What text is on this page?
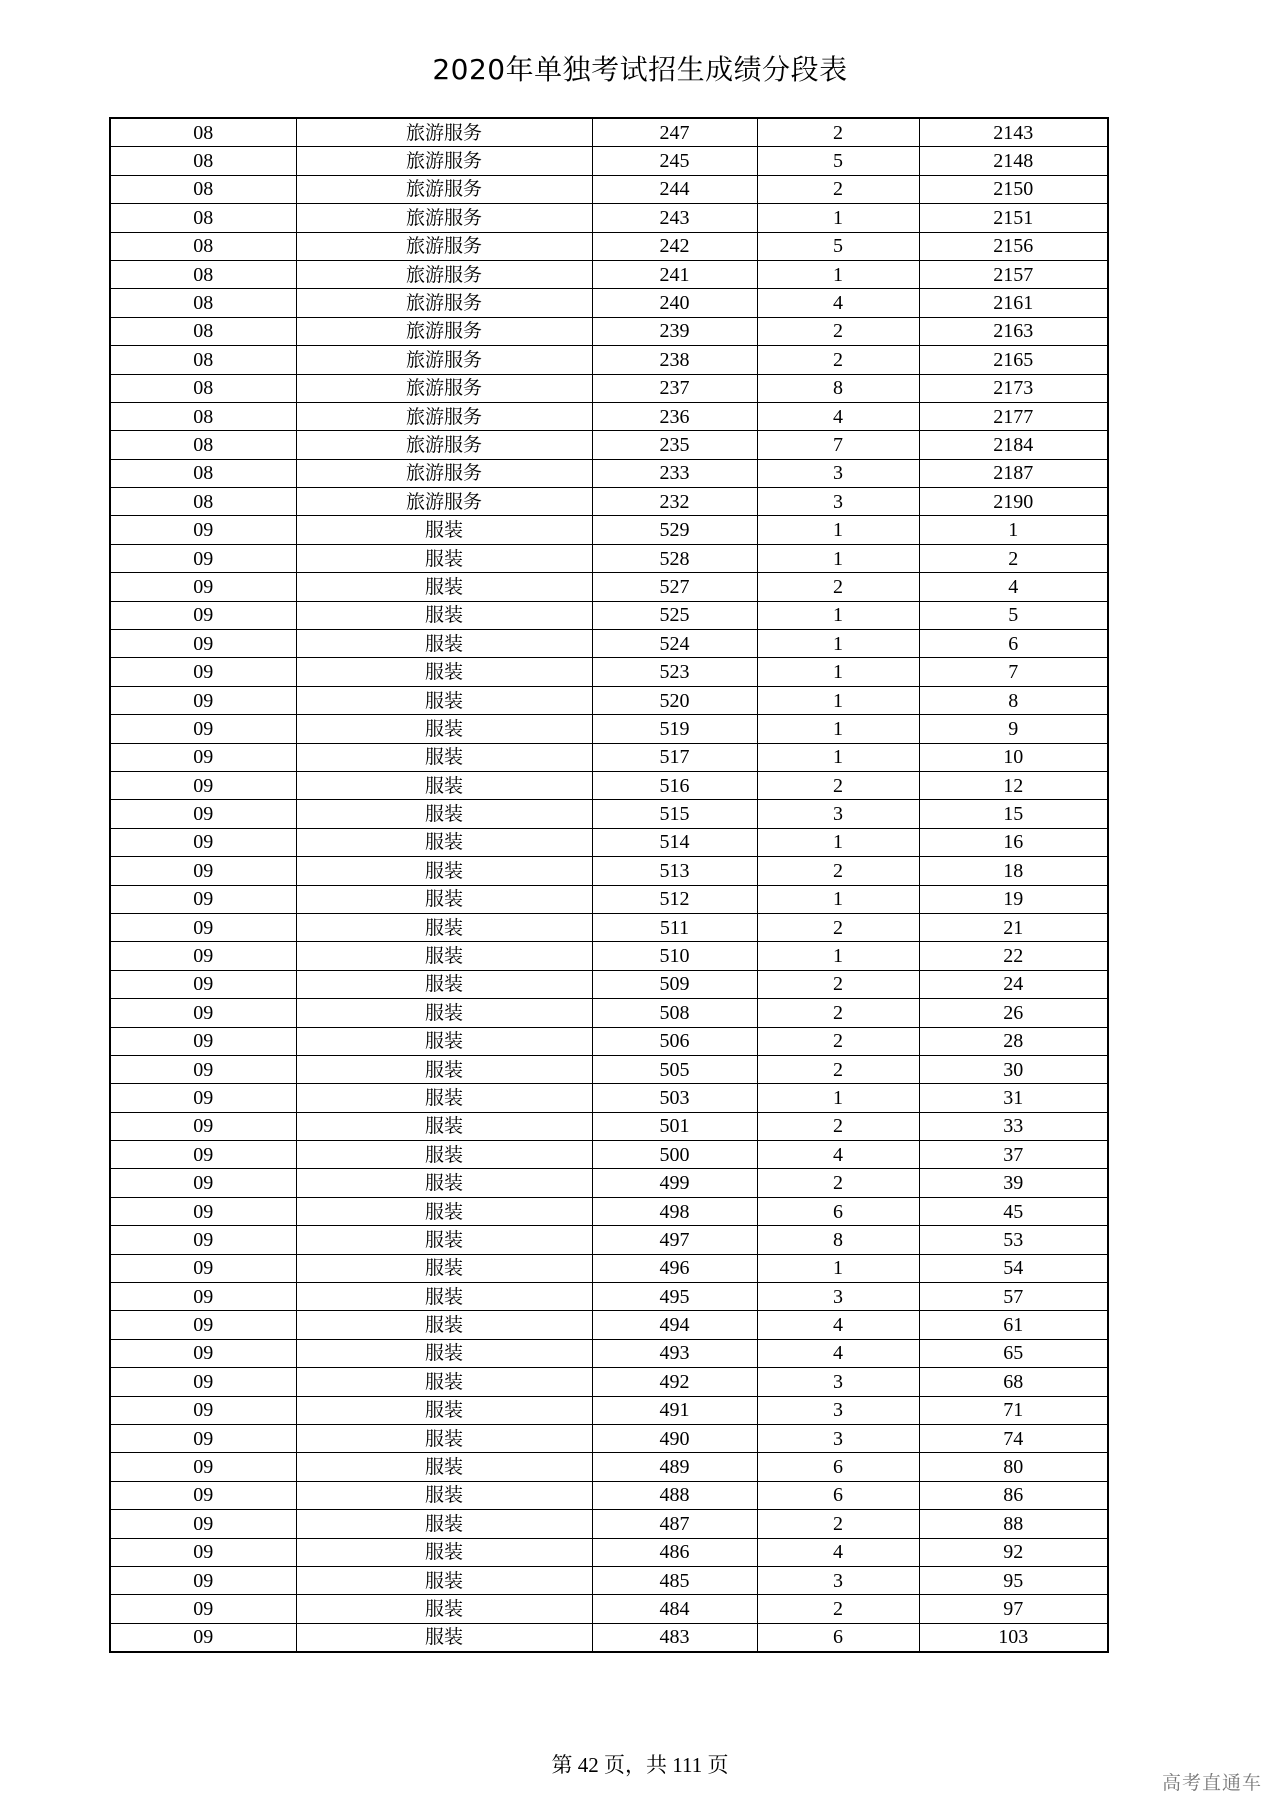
2020年单独考试招生成绩分段表
08	旅游服务	247	2	2143
08	旅游服务	245	5	2148
08	旅游服务	244	2	2150
08	旅游服务	243	1	2151
08	旅游服务	242	5	2156
08	旅游服务	241	1	2157
08	旅游服务	240	4	2161
08	旅游服务	239	2	2163
08	旅游服务	238	2	2165
08	旅游服务	237	8	2173
08	旅游服务	236	4	2177
08	旅游服务	235	7	2184
08	旅游服务	233	3	2187
08	旅游服务	232	3	2190
09	服装	529	1	1
09	服装	528	1	2
09	服装	527	2	4
09	服装	525	1	5
09	服装	524	1	6
09	服装	523	1	7
09	服装	520	1	8
09	服装	519	1	9
09	服装	517	1	10
09	服装	516	2	12
09	服装	515	3	15
09	服装	514	1	16
09	服装	513	2	18
09	服装	512	1	19
09	服装	511	2	21
09	服装	510	1	22
09	服装	509	2	24
09	服装	508	2	26
09	服装	506	2	28
09	服装	505	2	30
09	服装	503	1	31
09	服装	501	2	33
09	服装	500	4	37
09	服装	499	2	39
09	服装	498	6	45
09	服装	497	8	53
09	服装	496	1	54
09	服装	495	3	57
09	服装	494	4	61
09	服装	493	4	65
09	服装	492	3	68
09	服装	491	3	71
09	服装	490	3	74
09	服装	489	6	80
09	服装	488	6	86
09	服装	487	2	88
09	服装	486	4	92
09	服装	485	3	95
09	服装	484	2	97
09	服装	483	6	103
第 42 页，共 111 页
高考直通车
